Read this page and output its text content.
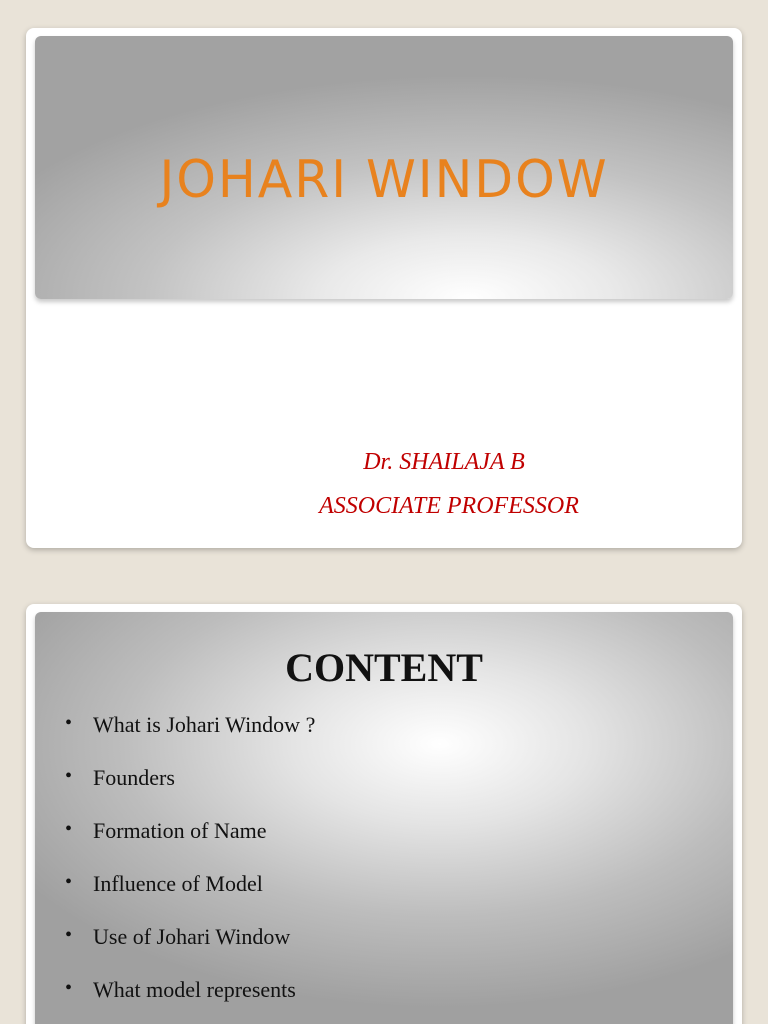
JOHARI WINDOW
Dr. SHAILAJA B
ASSOCIATE PROFESSOR
CONTENT
• What is Johari Window ?
• Founders
• Formation of Name
• Influence of Model
• Use of Johari Window
• What model represents
